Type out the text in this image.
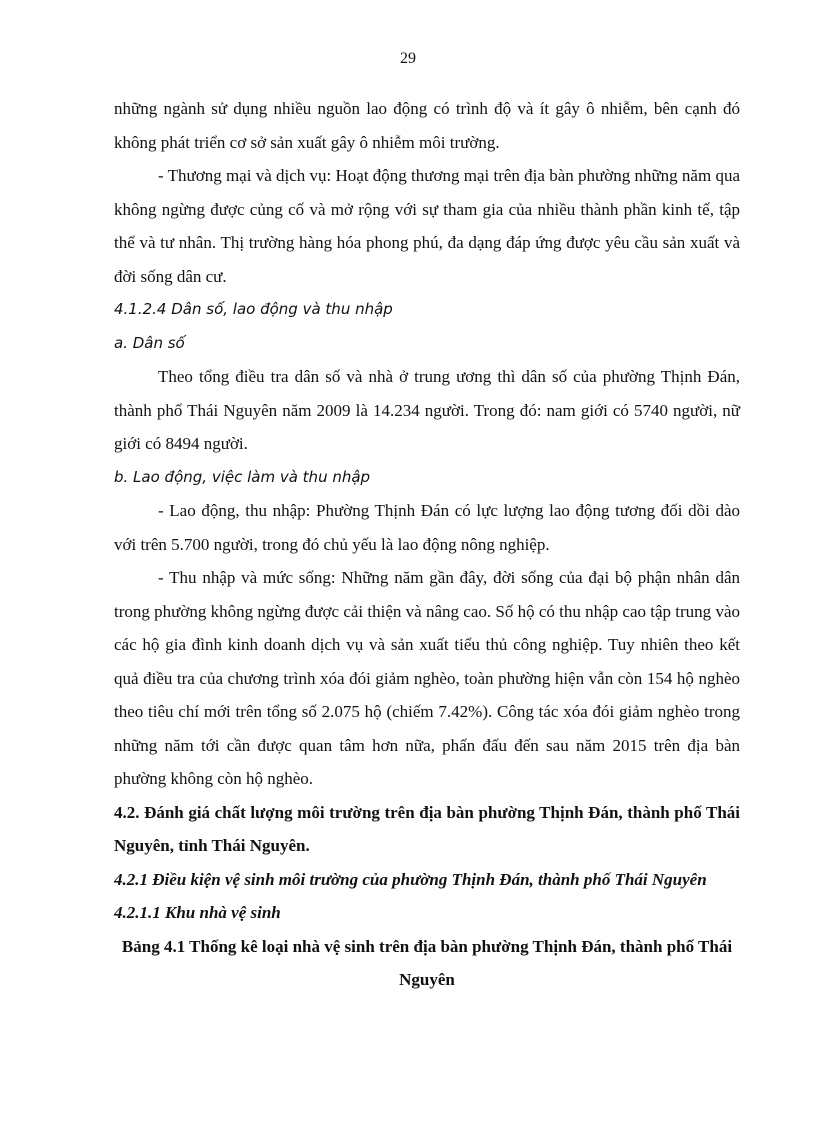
29

những ngành sử dụng nhiều nguồn lao động có trình độ và ít gây ô nhiễm, bên cạnh đó không phát triển cơ sở sản xuất gây ô nhiễm môi trường.

- Thương mại và dịch vụ: Hoạt động thương mại trên địa bàn phường những năm qua không ngừng được củng cố và mở rộng với sự tham gia của nhiều thành phần kinh tế, tập thể và tư nhân. Thị trường hàng hóa phong phú, đa dạng đáp ứng được yêu cầu sản xuất và đời sống dân cư.

4.1.2.4 Dân số, lao động và thu nhập

a. Dân số

Theo tổng điều tra dân số và nhà ở trung ương thì dân số của phường Thịnh Đán, thành phố Thái Nguyên năm 2009 là 14.234 người. Trong đó: nam giới có 5740 người, nữ giới có 8494 người.

b. Lao động, việc làm và thu nhập

- Lao động, thu nhập: Phường Thịnh Đán có lực lượng lao động tương đối dồi dào với trên 5.700 người, trong đó chủ yếu là lao động nông nghiệp.

- Thu nhập và mức sống: Những năm gần đây, đời sống của đại bộ phận nhân dân trong phường không ngừng được cải thiện và nâng cao. Số hộ có thu nhập cao tập trung vào các hộ gia đình kinh doanh dịch vụ và sản xuất tiểu thủ công nghiệp. Tuy nhiên theo kết quả điều tra của chương trình xóa đói giảm nghèo, toàn phường hiện vẫn còn 154 hộ nghèo theo tiêu chí mới trên tổng số 2.075 hộ (chiếm 7.42%). Công tác xóa đói giảm nghèo trong những năm tới cần được quan tâm hơn nữa, phấn đấu đến sau năm 2015 trên địa bàn phường không còn hộ nghèo.

4.2. Đánh giá chất lượng môi trường trên địa bàn phường Thịnh Đán, thành phố Thái Nguyên, tỉnh Thái Nguyên.

4.2.1 Điều kiện vệ sinh môi trường của phường Thịnh Đán, thành phố Thái Nguyên

4.2.1.1 Khu nhà vệ sinh

Bảng 4.1 Thống kê loại nhà vệ sinh trên địa bàn phường Thịnh Đán, thành phố Thái Nguyên
